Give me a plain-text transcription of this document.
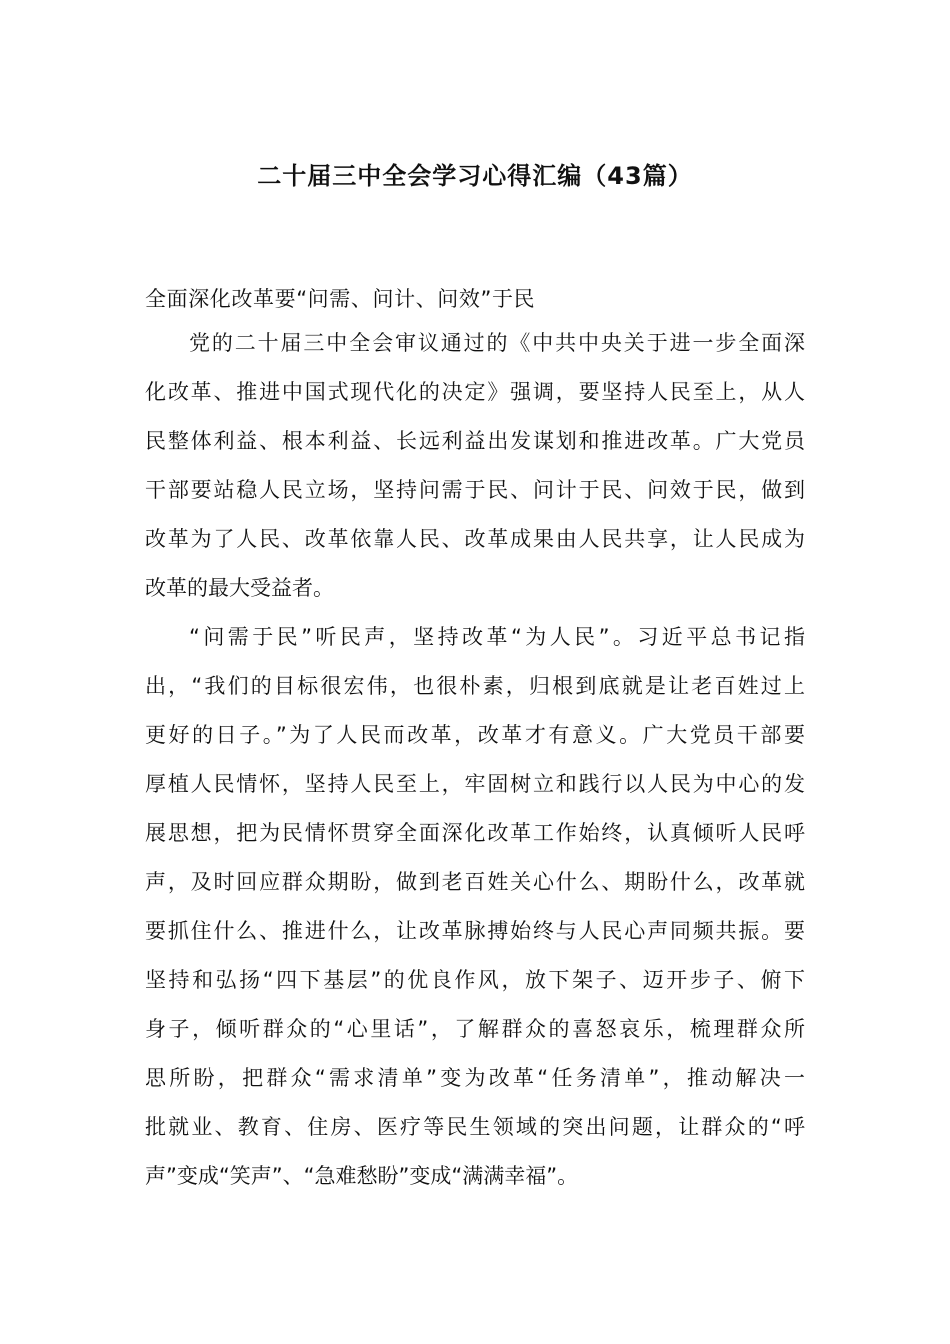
二十届三中全会学习心得汇编（43篇）
全面深化改革要“问需、问计、问效”于民
党的二十届三中全会审议通过的《中共中央关于进一步全面深
化改革、推进中国式现代化的决定》强调，要坚持人民至上，从人
民整体利益、根本利益、长远利益出发谋划和推进改革。广大党员
干部要站稳人民立场，坚持问需于民、问计于民、问效于民，做到
改革为了人民、改革依靠人民、改革成果由人民共享，让人民成为
改革的最大受益者。
“问需于民”听民声，坚持改革“为人民”。习近平总书记指
出，“我们的目标很宏伟，也很朴素，归根到底就是让老百姓过上
更好的日子。”为了人民而改革，改革才有意义。广大党员干部要
厚植人民情怀，坚持人民至上，牢固树立和践行以人民为中心的发
展思想，把为民情怀贯穿全面深化改革工作始终，认真倾听人民呼
声，及时回应群众期盼，做到老百姓关心什么、期盼什么，改革就
要抓住什么、推进什么，让改革脉搏始终与人民心声同频共振。要
坚持和弘扬“四下基层”的优良作风，放下架子、迈开步子、俯下
身子，倾听群众的“心里话”，了解群众的喜怒哀乐，梳理群众所
思所盼，把群众“需求清单”变为改革“任务清单”，推动解决一
批就业、教育、住房、医疗等民生领域的突出问题，让群众的“呼
声”变成“笑声”、“急难愁盼”变成“满满幸福”。
